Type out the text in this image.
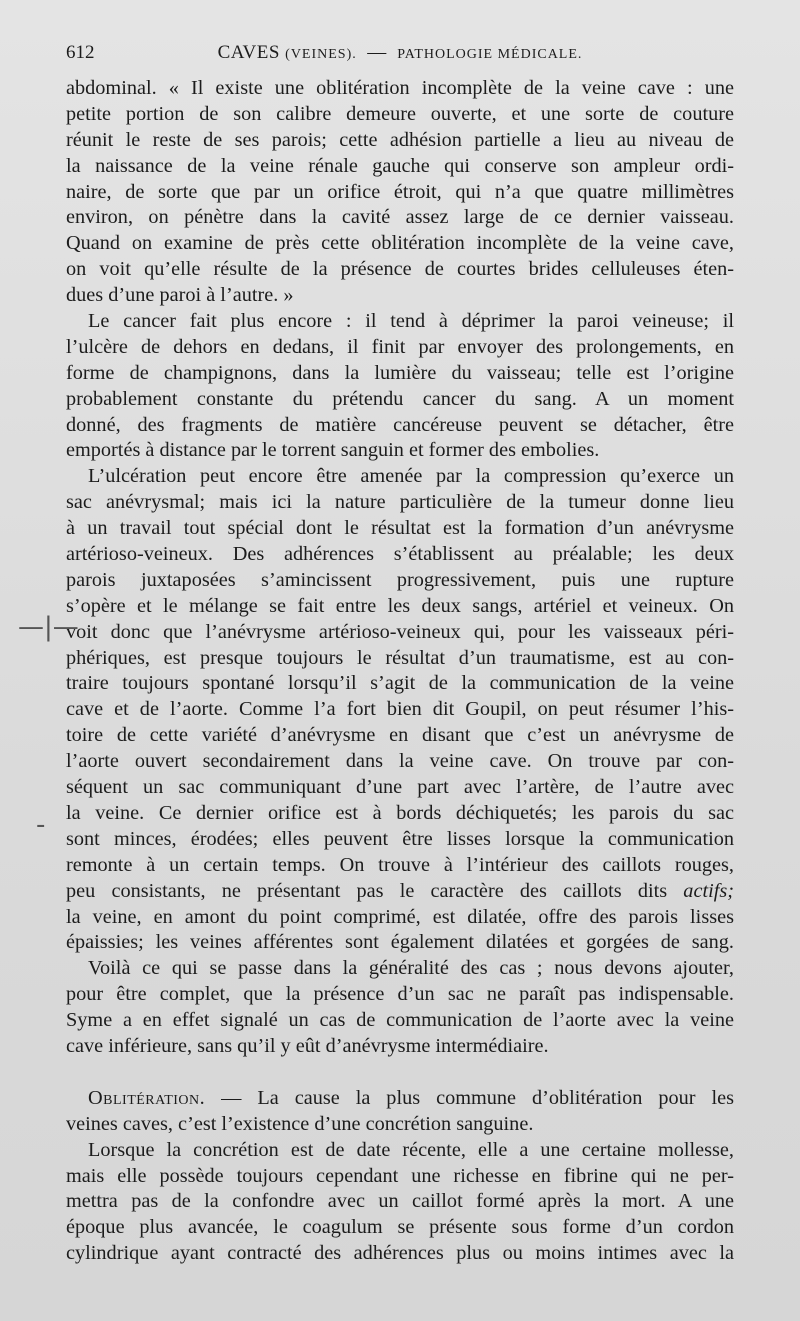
612	CAVES (VEINES). — PATHOLOGIE MÉDICALE.
abdominal. « Il existe une oblitération incomplète de la veine cave : une
petite portion de son calibre demeure ouverte, et une sorte de couture
réunit le reste de ses parois; cette adhésion partielle a lieu au niveau de
la naissance de la veine rénale gauche qui conserve son ampleur ordi-
naire, de sorte que par un orifice étroit, qui n’a que quatre millimètres
environ, on pénètre dans la cavité assez large de ce dernier vaisseau.
Quand on examine de près cette oblitération incomplète de la veine cave,
on voit qu’elle résulte de la présence de courtes brides celluleuses éten-
dues d’une paroi à l’autre. »
Le cancer fait plus encore : il tend à déprimer la paroi veineuse; il
l’ulcère de dehors en dedans, il finit par envoyer des prolongements, en
forme de champignons, dans la lumière du vaisseau; telle est l’origine
probablement constante du prétendu cancer du sang. A un moment
donné, des fragments de matière cancéreuse peuvent se détacher, être
emportés à distance par le torrent sanguin et former des embolies.
L’ulcération peut encore être amenée par la compression qu’exerce un
sac anévrysmal; mais ici la nature particulière de la tumeur donne lieu
à un travail tout spécial dont le résultat est la formation d’un anévrysme
artérioso-veineux. Des adhérences s’établissent au préalable; les deux
parois juxtaposées s’amincissent progressivement, puis une rupture
s’opère et le mélange se fait entre les deux sangs, artériel et veineux. On
voit donc que l’anévrysme artérioso-veineux qui, pour les vaisseaux péri-
phériques, est presque toujours le résultat d’un traumatisme, est au con-
traire toujours spontané lorsqu’il s’agit de la communication de la veine
cave et de l’aorte. Comme l’a fort bien dit Goupil, on peut résumer l’his-
toire de cette variété d’anévrysme en disant que c’est un anévrysme de
l’aorte ouvert secondairement dans la veine cave. On trouve par con-
séquent un sac communiquant d’une part avec l’artère, de l’autre avec
la veine. Ce dernier orifice est à bords déchiquetés; les parois du sac
sont minces, érodées; elles peuvent être lisses lorsque la communication
remonte à un certain temps. On trouve à l’intérieur des caillots rouges,
peu consistants, ne présentant pas le caractère des caillots dits actifs;
la veine, en amont du point comprimé, est dilatée, offre des parois lisses
épaissies; les veines afférentes sont également dilatées et gorgées de sang.
Voilà ce qui se passe dans la généralité des cas ; nous devons ajouter,
pour être complet, que la présence d’un sac ne paraît pas indispensable.
Syme a en effet signalé un cas de communication de l’aorte avec la veine
cave inférieure, sans qu’il y eût d’anévrysme intermédiaire.
Oblitération. — La cause la plus commune d’oblitération pour les
veines caves, c’est l’existence d’une concrétion sanguine.
Lorsque la concrétion est de date récente, elle a une certaine mollesse,
mais elle possède toujours cependant une richesse en fibrine qui ne per-
mettra pas de la confondre avec un caillot formé après la mort. A une
époque plus avancée, le coagulum se présente sous forme d’un cordon
cylindrique ayant contracté des adhérences plus ou moins intimes avec la
—|—
-
